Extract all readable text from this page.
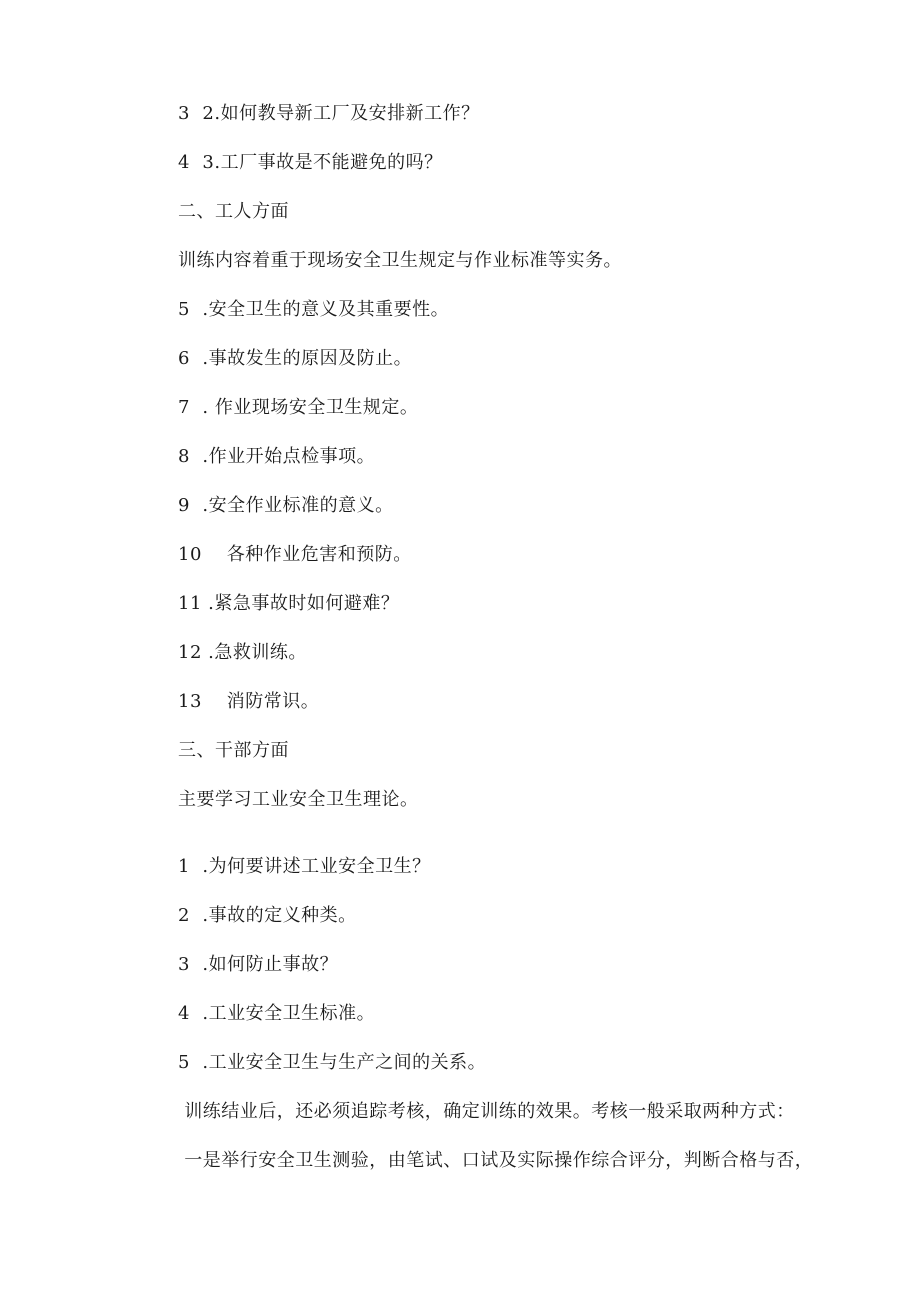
3  2.如何教导新工厂及安排新工作？
4  3.工厂事故是不能避免的吗？
二、工人方面
训练内容着重于现场安全卫生规定与作业标准等实务。
5  .安全卫生的意义及其重要性。
6  .事故发生的原因及防止。
7  . 作业现场安全卫生规定。
8  .作业开始点检事项。
9  .安全作业标准的意义。
10    各种作业危害和预防。
11 .紧急事故时如何避难？
12 .急救训练。
13    消防常识。
三、干部方面
主要学习工业安全卫生理论。
1  .为何要讲述工业安全卫生？
2  .事故的定义种类。
3  .如何防止事故？
4  .工业安全卫生标准。
5  .工业安全卫生与生产之间的关系。
训练结业后，还必须追踪考核，确定训练的效果。考核一般采取两种方式：
一是举行安全卫生测验，由笔试、口试及实际操作综合评分，判断合格与否，
